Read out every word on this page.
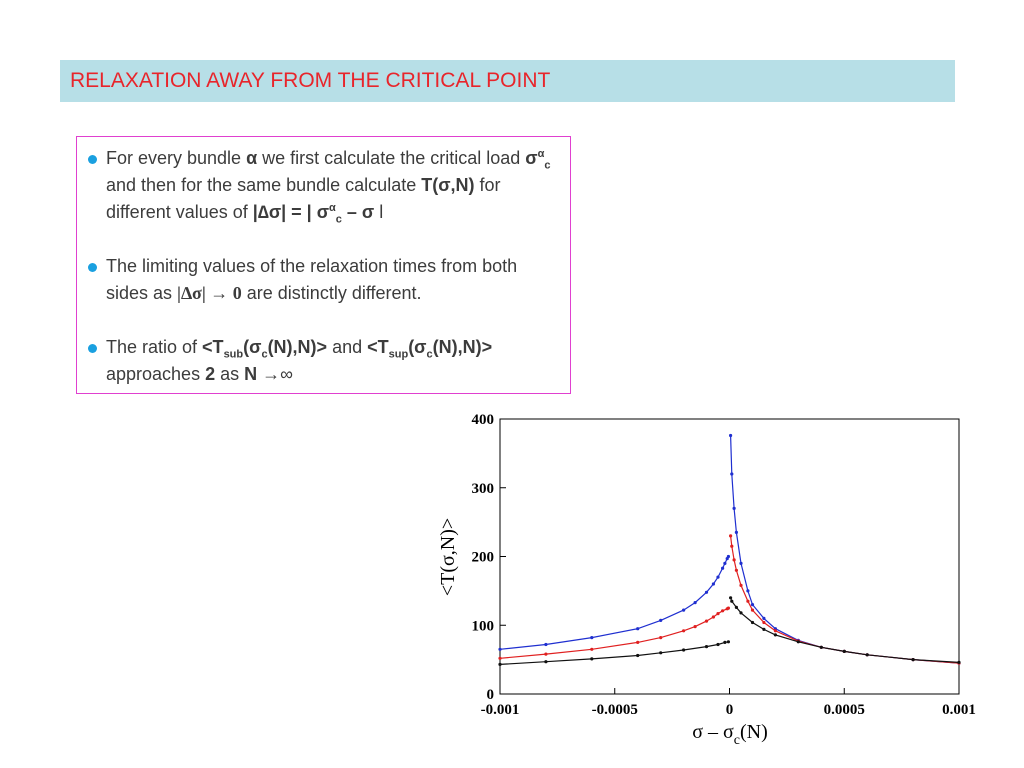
RELAXATION AWAY FROM THE CRITICAL POINT
For every bundle α we first calculate the critical load $\sigma^\alpha_c$ and then for the same bundle calculate T(σ,N) for different values of |∆σ| = | $\sigma^\alpha_c$ – σ l
The limiting values of the relaxation times from both sides as |∆σ| → 0 are distinctly different.
The ratio of $<T_{sub}(\sigma_c(N),N)>$ and $<T_{sup}(\sigma_c(N),N)>$ approaches 2 as N →∞
-0.001	-0.0005	0	0.0005	0.001
0
100
200
300
400
<T(σ,N)>
σ – $\sigma_c(N)$
